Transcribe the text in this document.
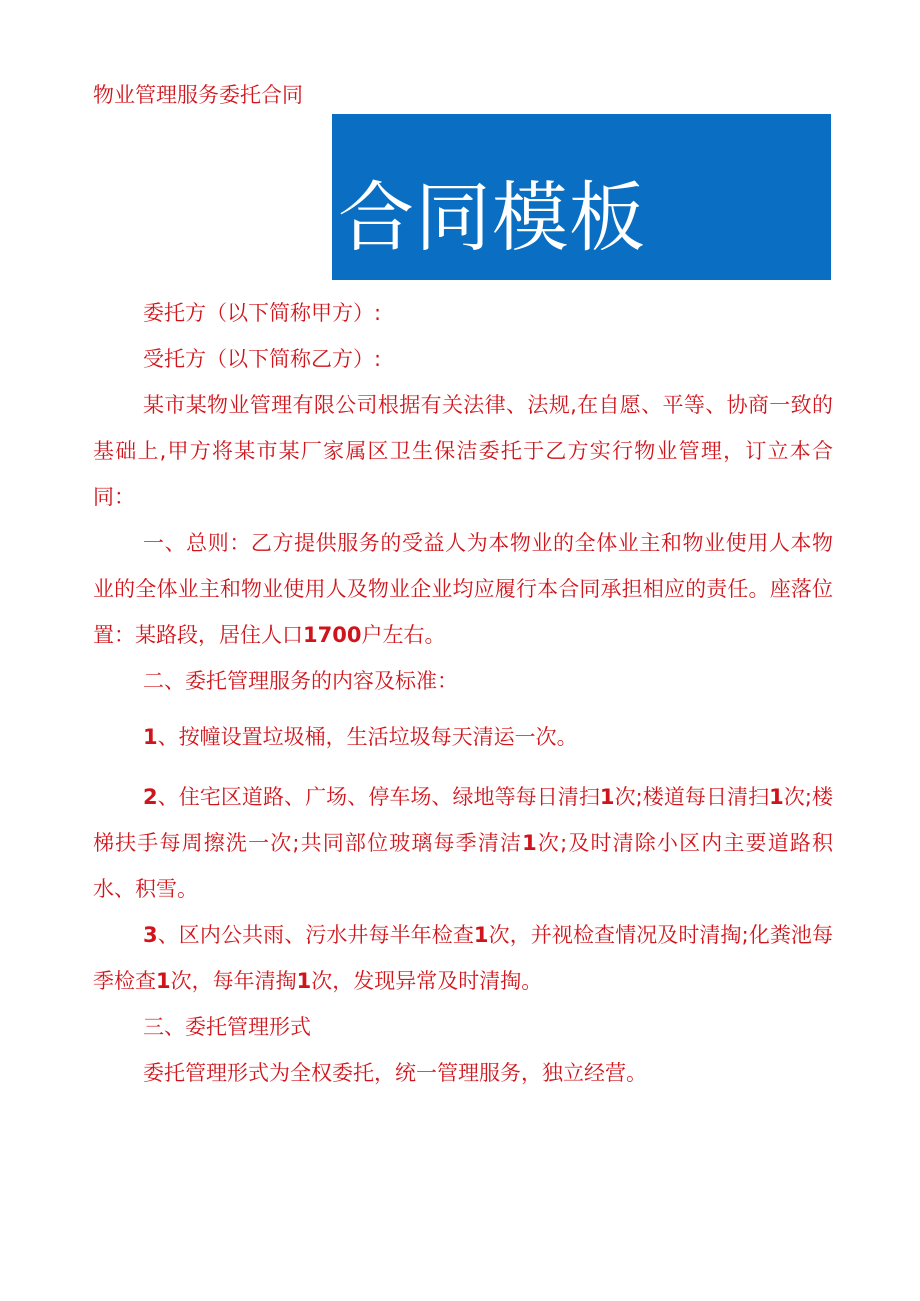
物业管理服务委托合同
合同模板

委托方（以下简称甲方）:

受托方（以下简称乙方）:

某市某物业管理有限公司根据有关法律、法规,在自愿、平等、协商一致的基础上,甲方将某市某厂家属区卫生保洁委托于乙方实行物业管理，订立本合同：

一、总则：乙方提供服务的受益人为本物业的全体业主和物业使用人本物业的全体业主和物业使用人及物业企业均应履行本合同承担相应的责任。座落位置：某路段，居住人口1700户左右。

二、委托管理服务的内容及标准：

1、按幢设置垃圾桶，生活垃圾每天清运一次。

2、住宅区道路、广场、停车场、绿地等每日清扫1次;楼道每日清扫1次;楼梯扶手每周擦洗一次;共同部位玻璃每季清洁1次;及时清除小区内主要道路积水、积雪。

3、区内公共雨、污水井每半年检查1次，并视检查情况及时清掏;化粪池每季检查1次，每年清掏1次，发现异常及时清掏。

三、委托管理形式

委托管理形式为全权委托，统一管理服务，独立经营。
